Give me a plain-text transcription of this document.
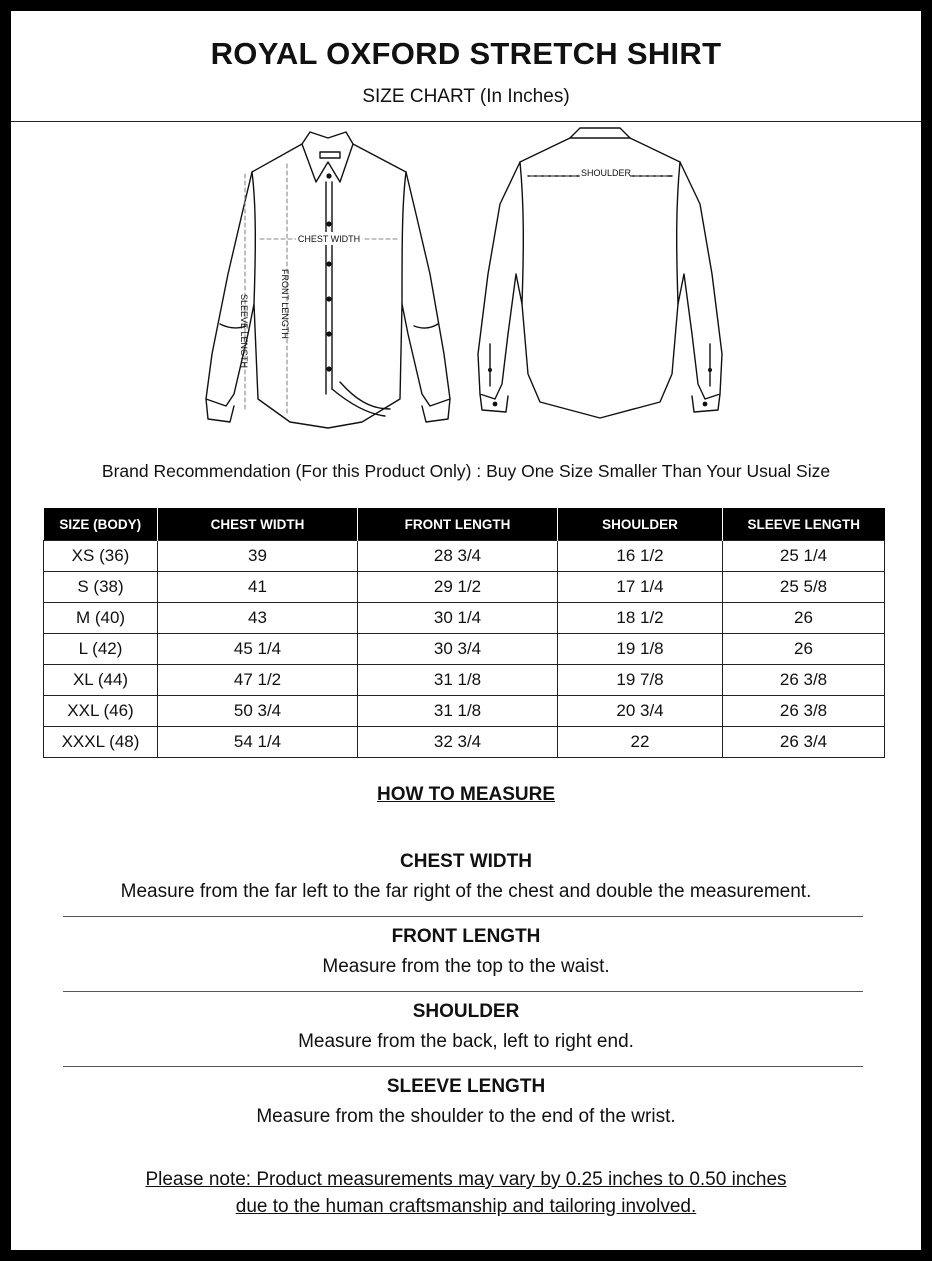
ROYAL OXFORD STRETCH SHIRT
SIZE CHART (In Inches)
CHEST WIDTH
FRONT LENGTH
SLEEVE LENGTH
SHOULDER
Brand Recommendation (For this Product Only) : Buy One Size Smaller Than Your Usual Size
SIZE (BODY)	CHEST WIDTH	FRONT LENGTH	SHOULDER	SLEEVE LENGTH
XS (36)	39	28 3/4	16 1/2	25 1/4
S (38)	41	29 1/2	17 1/4	25 5/8
M (40)	43	30 1/4	18 1/2	26
L (42)	45 1/4	30 3/4	19 1/8	26
XL (44)	47 1/2	31 1/8	19 7/8	26 3/8
XXL (46)	50 3/4	31 1/8	20 3/4	26 3/8
XXXL (48)	54 1/4	32 3/4	22	26 3/4
HOW TO MEASURE
CHEST WIDTH
Measure from the far left to the far right of the chest and double the measurement.
FRONT LENGTH
Measure from the top to the waist.
SHOULDER
Measure from the back, left to right end.
SLEEVE LENGTH
Measure from the shoulder to the end of the wrist.
Please note: Product measurements may vary by 0.25 inches to 0.50 inches
due to the human craftsmanship and tailoring involved.
